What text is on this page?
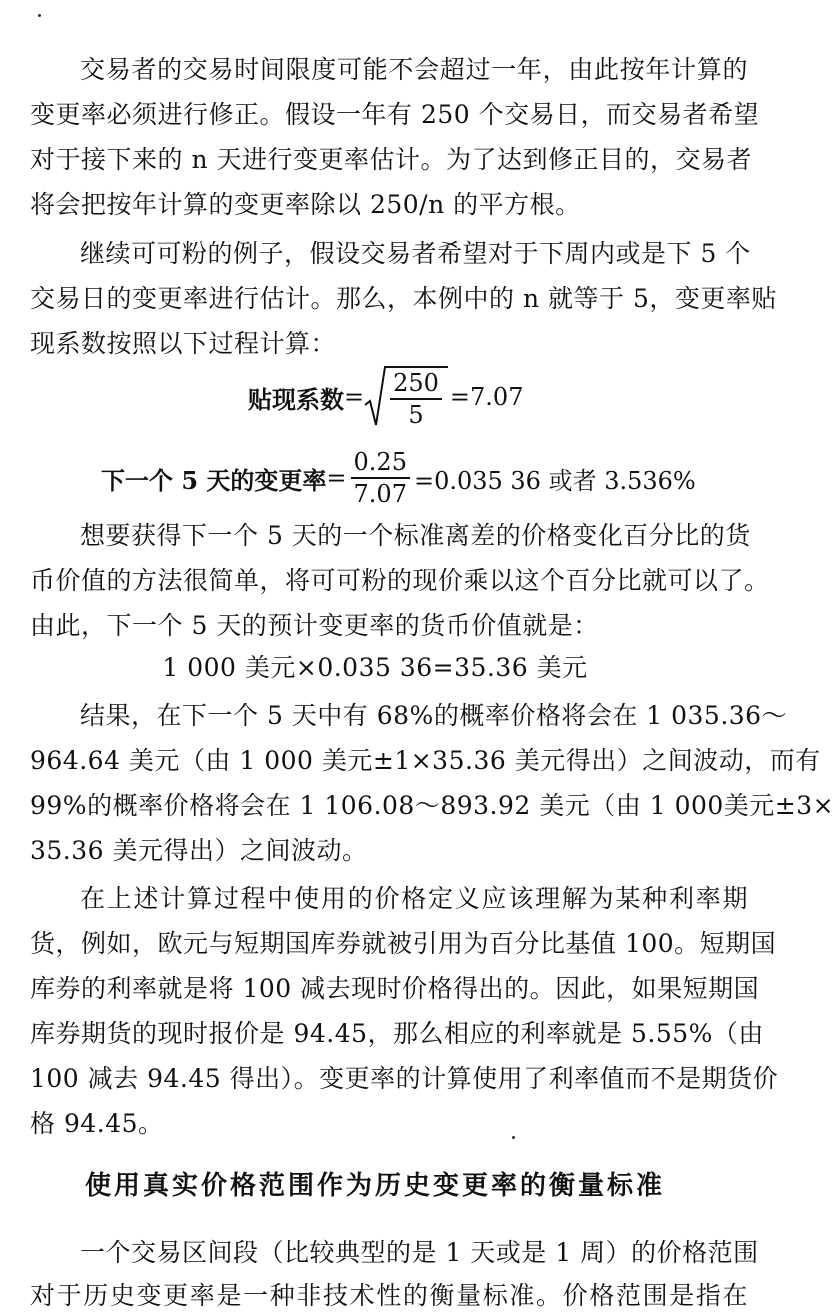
交易者的交易时间限度可能不会超过一年，由此按年计算的
变更率必须进行修正。假设一年有 250 个交易日，而交易者希望
对于接下来的 n 天进行变更率估计。为了达到修正目的，交易者
将会把按年计算的变更率除以 250/n 的平方根。
继续可可粉的例子，假设交易者希望对于下周内或是下 5 个
交易日的变更率进行估计。那么，本例中的 n 就等于 5，变更率贴
现系数按照以下过程计算：
贴现系数 = $\frac{250}{5} =7.07$
下一个 5 天的变更率 = $\frac{0.25}{7.07} =0.035$ 36 或者 3.536%
想要获得下一个 5 天的一个标准离差的价格变化百分比的货
币价值的方法很简单，将可可粉的现价乘以这个百分比就可以了。
由此，下一个 5 天的预计变更率的货币价值就是：
1 000 美元×0.035 36=35.36 美元
结果，在下一个 5 天中有 68%的概率价格将会在 1 035.36～
964.64 美元（由 1 000 美元±1×35.36 美元得出）之间波动，而有
99%的概率价格将会在 1 106.08～893.92 美元（由 1 000美元±3×
35.36 美元得出）之间波动。
在上述计算过程中使用的价格定义应该理解为某种利率期
货，例如，欧元与短期国库券就被引用为百分比基值 100。短期国
库券的利率就是将 100 减去现时价格得出的。因此，如果短期国
库券期货的现时报价是 94.45，那么相应的利率就是 5.55%（由
100 减去 94.45 得出）。变更率的计算使用了利率值而不是期货价
格 94.45。
使用真实价格范围作为历史变更率的衡量标准
一个交易区间段（比较典型的是 1 天或是 1 周）的价格范围
对于历史变更率是一种非技术性的衡量标准。价格范围是指在
